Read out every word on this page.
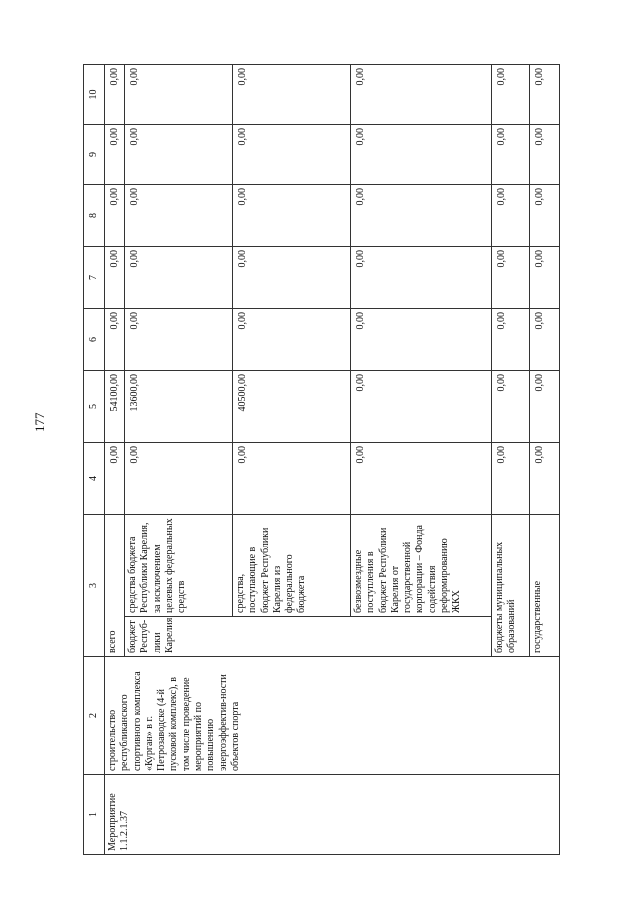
177
1	2	3		4	5	6	7	8	9	10
Мероприятие 1.1.2.1.37	строительство республиканского спортивного комплекса «Курган» в г. Петрозаводске (4-й пусковой комплекс), в том числе проведение мероприятий по повышению энергоэффектив-ности объектов спорта	всего		0,00	54100,00	0,00	0,00	0,00	0,00	0,00
		бюджет Респуб-лики Карелия	средства бюджета Республики Карелия, за исключением целевых федеральных средств	0,00	13600,00	0,00	0,00	0,00	0,00	0,00
			средства, поступающие в бюджет Республики Карелия из федерального бюджета	0,00	40500,00	0,00	0,00	0,00	0,00	0,00
			безвозмездные поступления в бюджет Республики Карелия от государственной корпорации – Фонда содействия реформированию ЖКХ	0,00	0,00	0,00	0,00	0,00	0,00	0,00
		бюджеты муниципальных образований		0,00	0,00	0,00	0,00	0,00	0,00	0,00
		государственные		0,00	0,00	0,00	0,00	0,00	0,00	0,00
